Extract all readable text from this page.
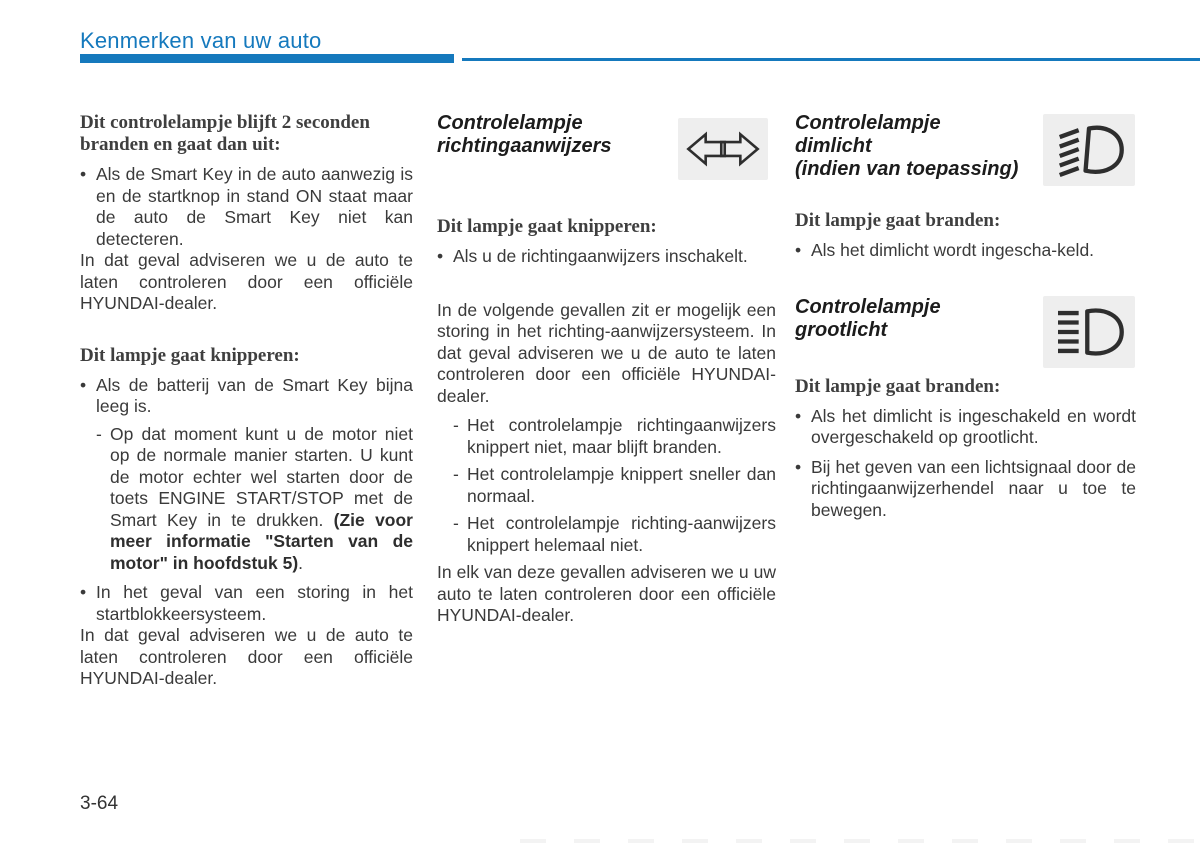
Kenmerken van uw auto
Dit controlelampje blijft 2 seconden branden en gaat dan uit:
•
Als de Smart Key in de auto aanwezig is en de startknop in stand ON staat maar de auto de Smart Key niet kan detecteren.

In dat geval adviseren we u de auto te laten controleren door een officiële HYUNDAI-dealer.

Dit lampje gaat knipperen:
•
Als de batterij van de Smart Key bijna leeg is.
-
Op dat moment kunt u de motor niet op de normale manier starten. U kunt de motor echter wel starten door de toets ENGINE START/STOP met de Smart Key in te drukken. (Zie voor meer informatie "Starten van de motor" in hoofdstuk 5).
•
In het geval van een storing in het startblokkeersysteem.

In dat geval adviseren we u de auto te laten controleren door een officiële HYUNDAI-dealer.

Controlelampje
richtingaanwijzers
Dit lampje gaat knipperen:
•
Als u de richtingaanwijzers inschakelt.

In de volgende gevallen zit er mogelijk een storing in het richting-aanwijzersysteem. In dat geval adviseren we u de auto te laten controleren door een officiële HYUNDAI-dealer.

-
Het controlelampje richtingaanwijzers knippert niet, maar blijft branden.
-
Het controlelampje knippert sneller dan normaal.
-
Het controlelampje richting-aanwijzers knippert helemaal niet.

In elk van deze gevallen adviseren we u uw auto te laten controleren door een officiële HYUNDAI-dealer.

Controlelampje
dimlicht
(indien van toepassing)
Dit lampje gaat branden:
•
Als het dimlicht wordt ingescha-keld.
Controlelampje
grootlicht
Dit lampje gaat branden:
•
Als het dimlicht is ingeschakeld en wordt overgeschakeld op grootlicht.
•
Bij het geven van een lichtsignaal door de richtingaanwijzerhendel naar u toe te bewegen.
3-64
